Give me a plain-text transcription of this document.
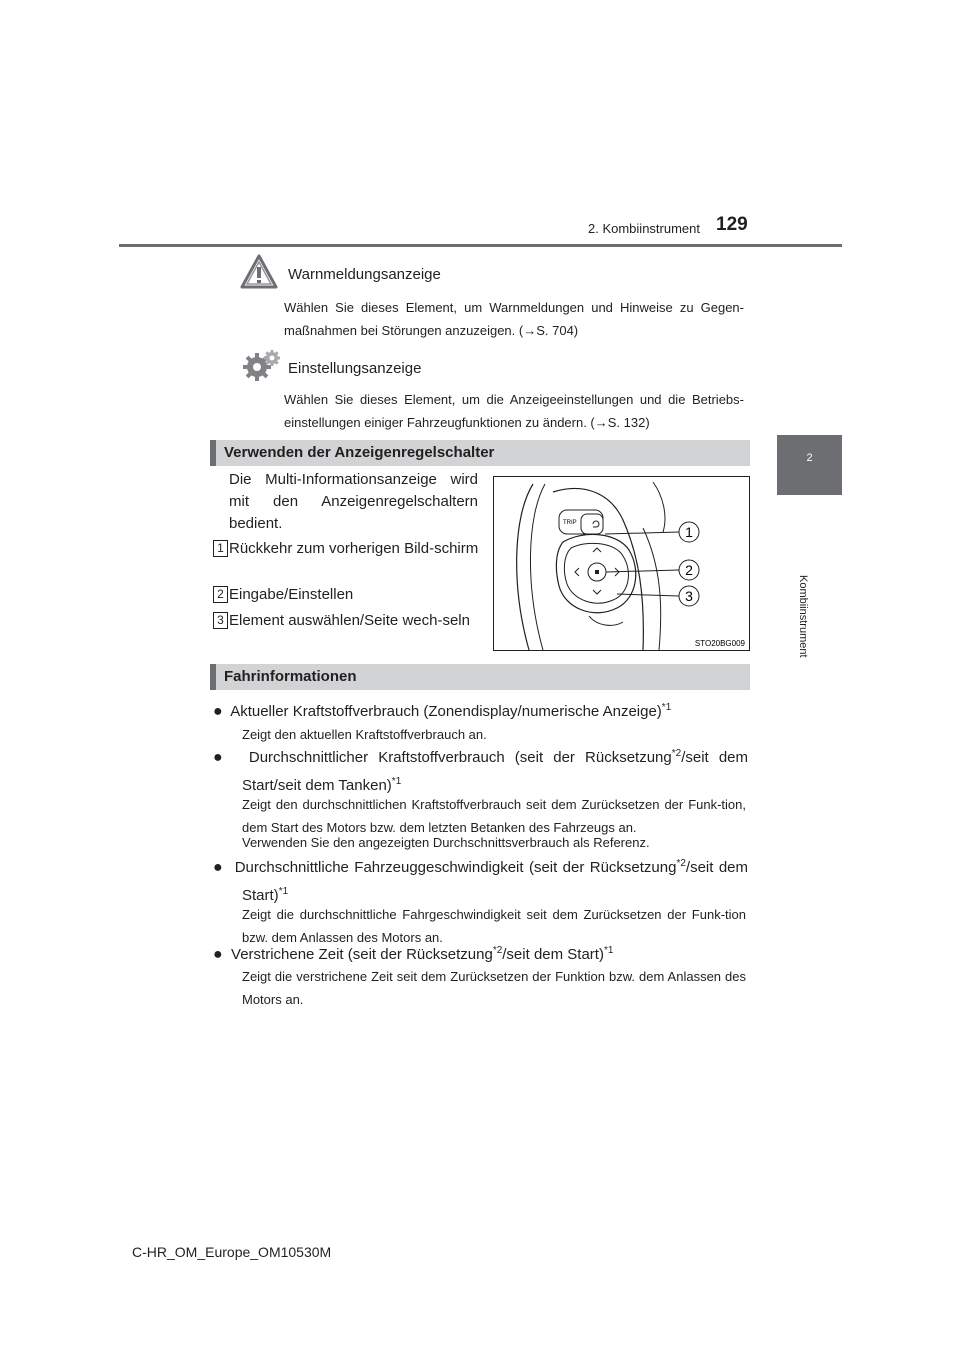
2. Kombiinstrument 129
2
Kombiinstrument
Warnmeldungsanzeige
Wählen Sie dieses Element, um Warnmeldungen und Hinweise zu Gegen-maßnahmen bei Störungen anzuzeigen. (→S. 704)
Einstellungsanzeige
Wählen Sie dieses Element, um die Anzeigeeinstellungen und die Betriebs-einstellungen einiger Fahrzeugfunktionen zu ändern. (→S. 132)
Verwenden der Anzeigenregelschalter
Die Multi-Informationsanzeige wird mit den Anzeigenregelschaltern bedient.
1 Rückkehr zum vorherigen Bild-schirm
2 Eingabe/Einstellen
3 Element auswählen/Seite wech-seln
TRIP
1
2
3
STO20BG009
Fahrinformationen
● Aktueller Kraftstoffverbrauch (Zonendisplay/numerische Anzeige)$^{*1}$
Zeigt den aktuellen Kraftstoffverbrauch an.
● Durchschnittlicher Kraftstoffverbrauch (seit der Rücksetzung$^{*2}$/seit dem Start/seit dem Tanken)$^{*1}$
Zeigt den durchschnittlichen Kraftstoffverbrauch seit dem Zurücksetzen der Funk-tion, dem Start des Motors bzw. dem letzten Betanken des Fahrzeugs an.
Verwenden Sie den angezeigten Durchschnittsverbrauch als Referenz.
● Durchschnittliche Fahrzeuggeschwindigkeit (seit der Rücksetzung$^{*2}$/seit dem Start)$^{*1}$
Zeigt die durchschnittliche Fahrgeschwindigkeit seit dem Zurücksetzen der Funk-tion bzw. dem Anlassen des Motors an.
● Verstrichene Zeit (seit der Rücksetzung$^{*2}$/seit dem Start)$^{*1}$
Zeigt die verstrichene Zeit seit dem Zurücksetzen der Funktion bzw. dem Anlassen des Motors an.
C-HR_OM_Europe_OM10530M
